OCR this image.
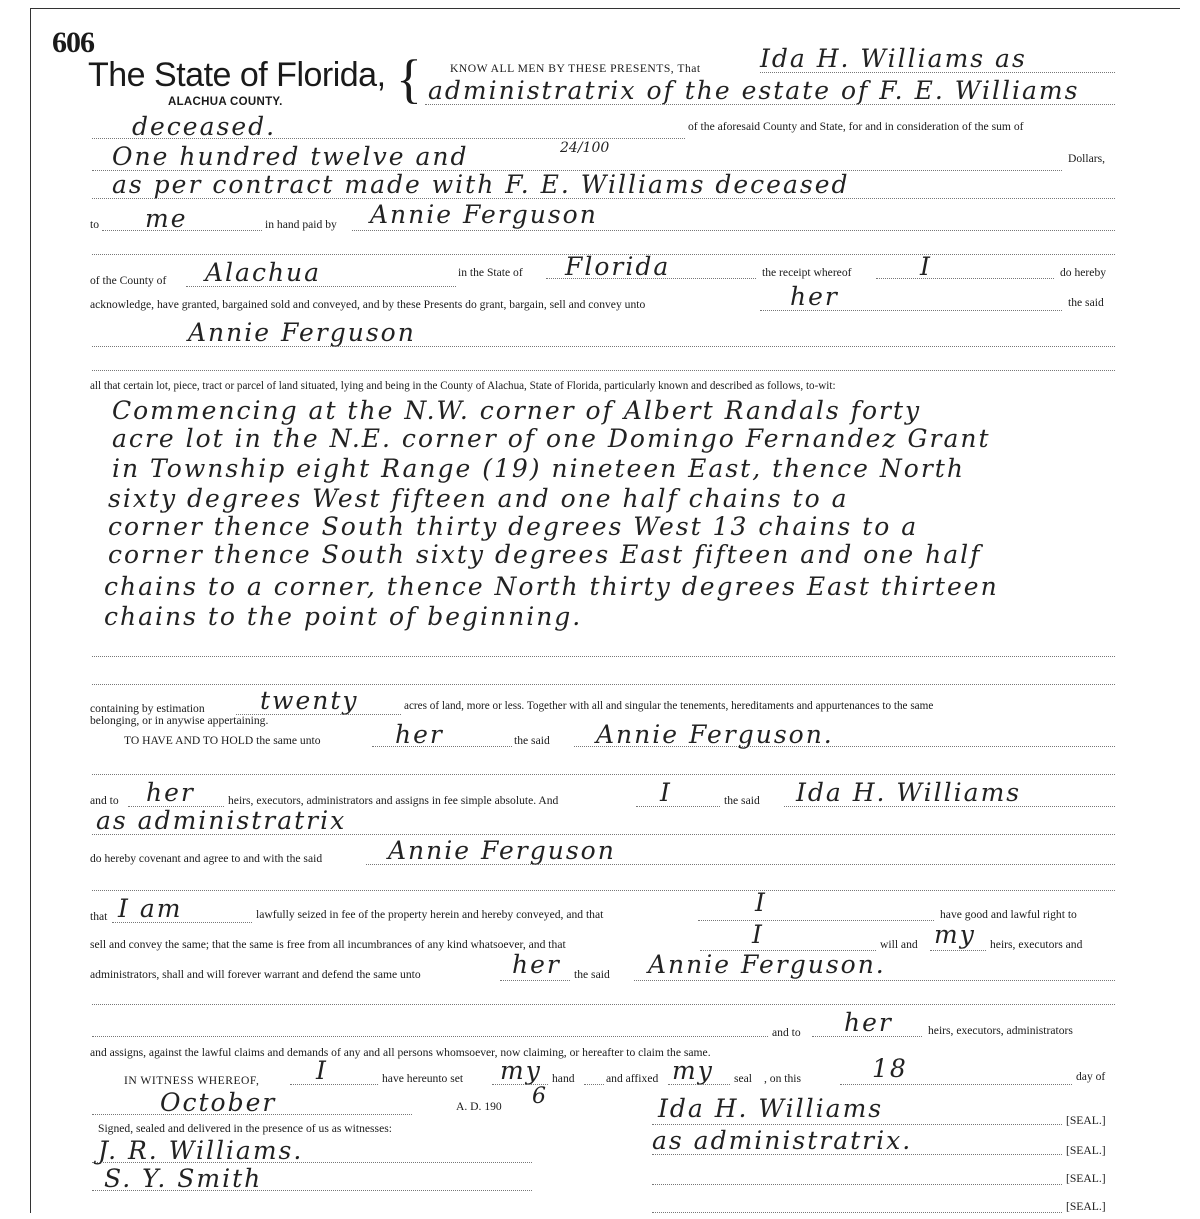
606
The State of Florida,
ALACHUA COUNTY. { KNOW ALL MEN BY THESE PRESENTS, That Ida H. Williams as
administratrix of the estate of F. E. Williams
deceased.	of the aforesaid County and State, for and in consideration of the sum of
One hundred twelve and	24/100
Dollars,
as per contract made with F. E. Williams deceased
to me	in hand paid by Annie Ferguson
of the County of Alachua	in the State of Florida	the receipt whereof	I	do hereby
acknowledge, have granted, bargained sold and conveyed, and by these Presents do grant, bargain, sell and convey unto	her	the said
Annie Ferguson
all that certain lot, piece, tract or parcel of land situated, lying and being in the County of Alachua, State of Florida, particularly known and described as follows, to-wit:
Commencing at the N.W. corner of Albert Randals forty
acre lot in the N.E. corner of one Domingo Fernandez Grant
in Township eight Range (19) nineteen East, thence North
sixty degrees West fifteen and one half chains to a
corner thence South thirty degrees West 13 chains to a
corner thence South sixty degrees East fifteen and one half
chains to a corner, thence North thirty degrees East thirteen
chains to the point of beginning.
containing by estimation twenty	acres of land, more or less. Together with all and singular the tenements, hereditaments and appurtenances to the same
belonging, or in anywise appertaining.
TO HAVE AND TO HOLD the same unto	her	the said Annie Ferguson.
and to her	heirs, executors, administrators and assigns in fee simple absolute. And	I	the said Ida H. Williams
as administratrix
do hereby covenant and agree to and with the said	Annie Ferguson
that I am	lawfully seized in fee of the property herein and hereby conveyed, and that	I	have good and lawful right to
sell and convey the same; that the same is free from all incumbrances of any kind whatsoever, and that	I	will and my heirs, executors and
administrators, shall and will forever warrant and defend the same unto	her the said Annie Ferguson.
and to her	heirs, executors, administrators
and assigns, against the lawful claims and demands of any and all persons whomsoever, now claiming, or hereafter to claim the same.
IN WITNESS WHEREOF, I	have hereunto set my hand	and affixed my seal , on this	18	day of
October	A. D. 190 6	Ida H. Williams	[SEAL.]
Signed, sealed and delivered in the presence of us as witnesses:	as administratrix.	[SEAL.]
J. R. Williams.
S. Y. Smith	[SEAL.]
[SEAL.]
